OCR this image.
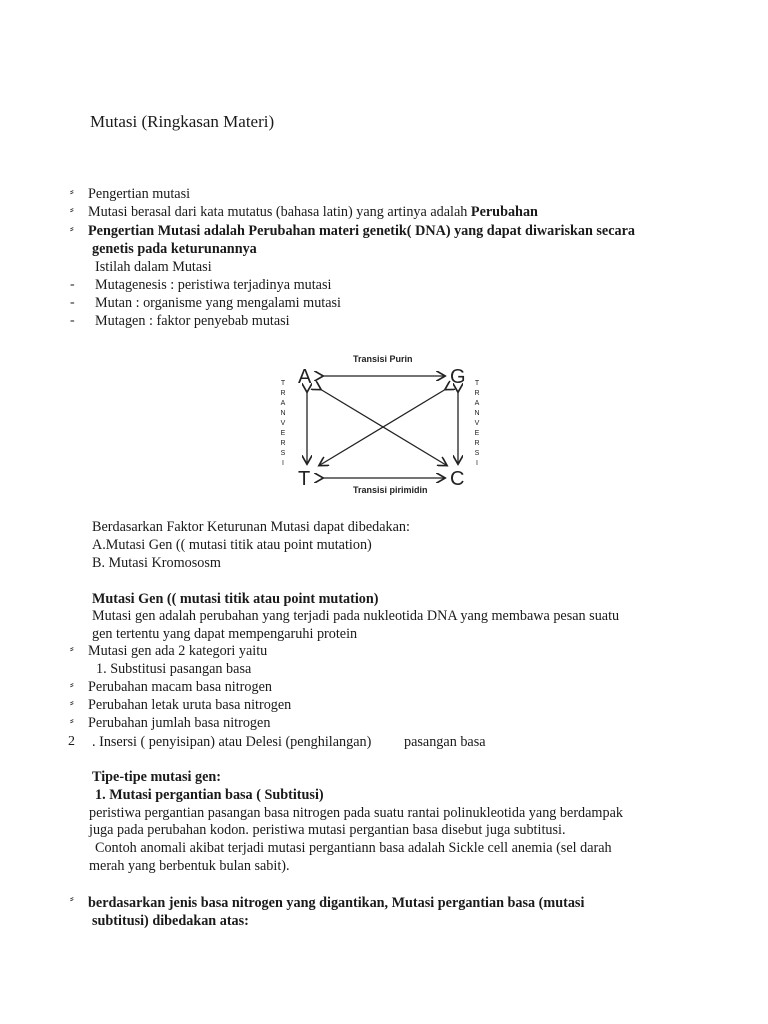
Mutasi (Ringkasan Materi)
⸗ Pengertian mutasi
⸗ Mutasi berasal dari kata mutatus (bahasa latin) yang artinya adalah Perubahan
⸗ Pengertian Mutasi adalah Perubahan materi genetik( DNA) yang dapat diwariskan secara
genetis pada keturunannya
Istilah dalam Mutasi
- Mutagenesis : peristiwa terjadinya mutasi
- Mutan : organisme yang mengalami mutasi
- Mutagen : faktor penyebab mutasi
A	G
T	C
Transisi Purin
Transisi pirimidin
T
R
A
N
V
E
R
S
I
T
R
A
N
V
E
R
S
I
Berdasarkan Faktor Keturunan Mutasi dapat dibedakan:
A.Mutasi Gen (( mutasi titik atau point mutation)
B. Mutasi Kromososm
Mutasi Gen (( mutasi titik atau point mutation)
Mutasi gen adalah perubahan yang terjadi pada nukleotida DNA yang membawa pesan suatu
gen tertentu yang dapat mempengaruhi protein
⸗ Mutasi gen ada 2 kategori yaitu
1. Substitusi pasangan basa
⸗ Perubahan macam basa nitrogen
⸗ Perubahan letak uruta basa nitrogen
⸗ Perubahan jumlah basa nitrogen
2 . Insersi ( penyisipan) atau Delesi (penghilangan) pasangan basa
Tipe-tipe mutasi gen:
1. Mutasi pergantian basa ( Subtitusi)
peristiwa pergantian pasangan basa nitrogen pada suatu rantai polinukleotida yang berdampak
juga pada perubahan kodon. peristiwa mutasi pergantian basa disebut juga subtitusi.
Contoh anomali akibat terjadi mutasi pergantiann basa adalah Sickle cell anemia (sel darah
merah yang berbentuk bulan sabit).
⸗ berdasarkan jenis basa nitrogen yang digantikan, Mutasi pergantian basa (mutasi
subtitusi) dibedakan atas:
